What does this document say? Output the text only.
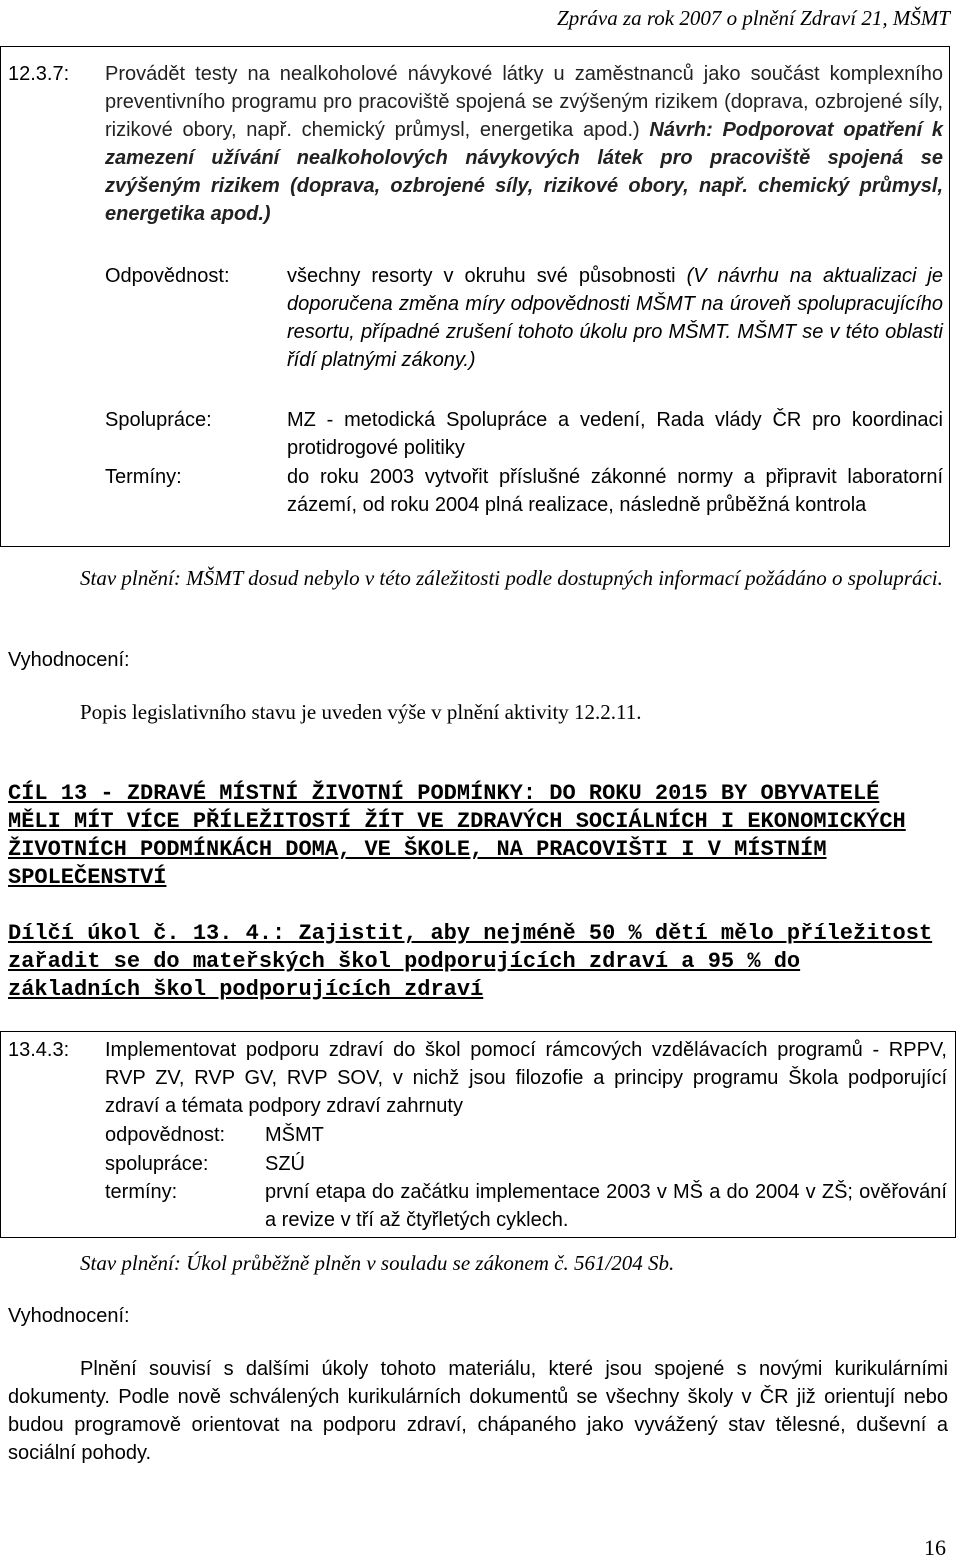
Zpráva za rok 2007 o plnění Zdraví 21, MŠMT
12.3.7: Provádět testy na nealkoholové návykové látky u zaměstnanců jako součást komplexního preventivního programu pro pracoviště spojená se zvýšeným rizikem (doprava, ozbrojené síly, rizikové obory, např. chemický průmysl, energetika apod.) Návrh: Podporovat opatření k zamezení užívání nealkoholových návykových látek pro pracoviště spojená se zvýšeným rizikem (doprava, ozbrojené síly, rizikové obory, např. chemický průmysl, energetika apod.)

Odpovědnost:	všechny resorty v okruhu své působnosti (V návrhu na aktualizaci je doporučena změna míry odpovědnosti MŠMT na úroveň spolupracujícího resortu, případné zrušení tohoto úkolu pro MŠMT. MŠMT se v této oblasti řídí platnými zákony.)

Spolupráce:	MZ - metodická Spolupráce a vedení, Rada vlády ČR pro koordinaci protidrogové politiky

Termíny:	do roku 2003 vytvořit příslušné zákonné normy a připravit laboratorní zázemí, od roku 2004 plná realizace, následně průběžná kontrola

Stav plnění: MŠMT dosud nebylo v této záležitosti podle dostupných informací požádáno o spolupráci.

Vyhodnocení:

Popis legislativního stavu je uveden výše v plnění aktivity 12.2.11.

CÍL 13 - ZDRAVÉ MÍSTNÍ ŽIVOTNÍ PODMÍNKY: DO ROKU 2015 BY OBYVATELÉ MĚLI MÍT VÍCE PŘÍLEŽITOSTÍ ŽÍT VE ZDRAVÝCH SOCIÁLNÍCH I EKONOMICKÝCH ŽIVOTNÍCH PODMÍNKÁCH DOMA, VE ŠKOLE, NA PRACOVIŠTI I V MÍSTNÍM SPOLEČENSTVÍ

Dílčí úkol č. 13. 4.: Zajistit, aby nejméně 50 % dětí mělo příležitost zařadit se do mateřských škol podporujících zdraví a 95 % do základních škol podporujících zdraví

13.4.3: Implementovat podporu zdraví do škol pomocí rámcových vzdělávacích programů - RPPV, RVP ZV, RVP GV, RVP SOV, v nichž jsou filozofie a principy programu Škola podporující zdraví a témata podpory zdraví zahrnuty

odpovědnost: MŠMT
spolupráce:	SZÚ
termíny:	první etapa do začátku implementace 2003 v MŠ a do 2004 v ZŠ; ověřování a revize v tří až čtyřletých cyklech.

Stav plnění: Úkol průběžně plněn v souladu se zákonem č. 561/204 Sb.

Vyhodnocení:

Plnění souvisí s dalšími úkoly tohoto materiálu, které jsou spojené s novými kurikulárními dokumenty. Podle nově schválených kurikulárních dokumentů se všechny školy v ČR již orientují nebo budou programově orientovat na podporu zdraví, chápaného jako vyvážený stav tělesné, duševní a sociální pohody.

16
